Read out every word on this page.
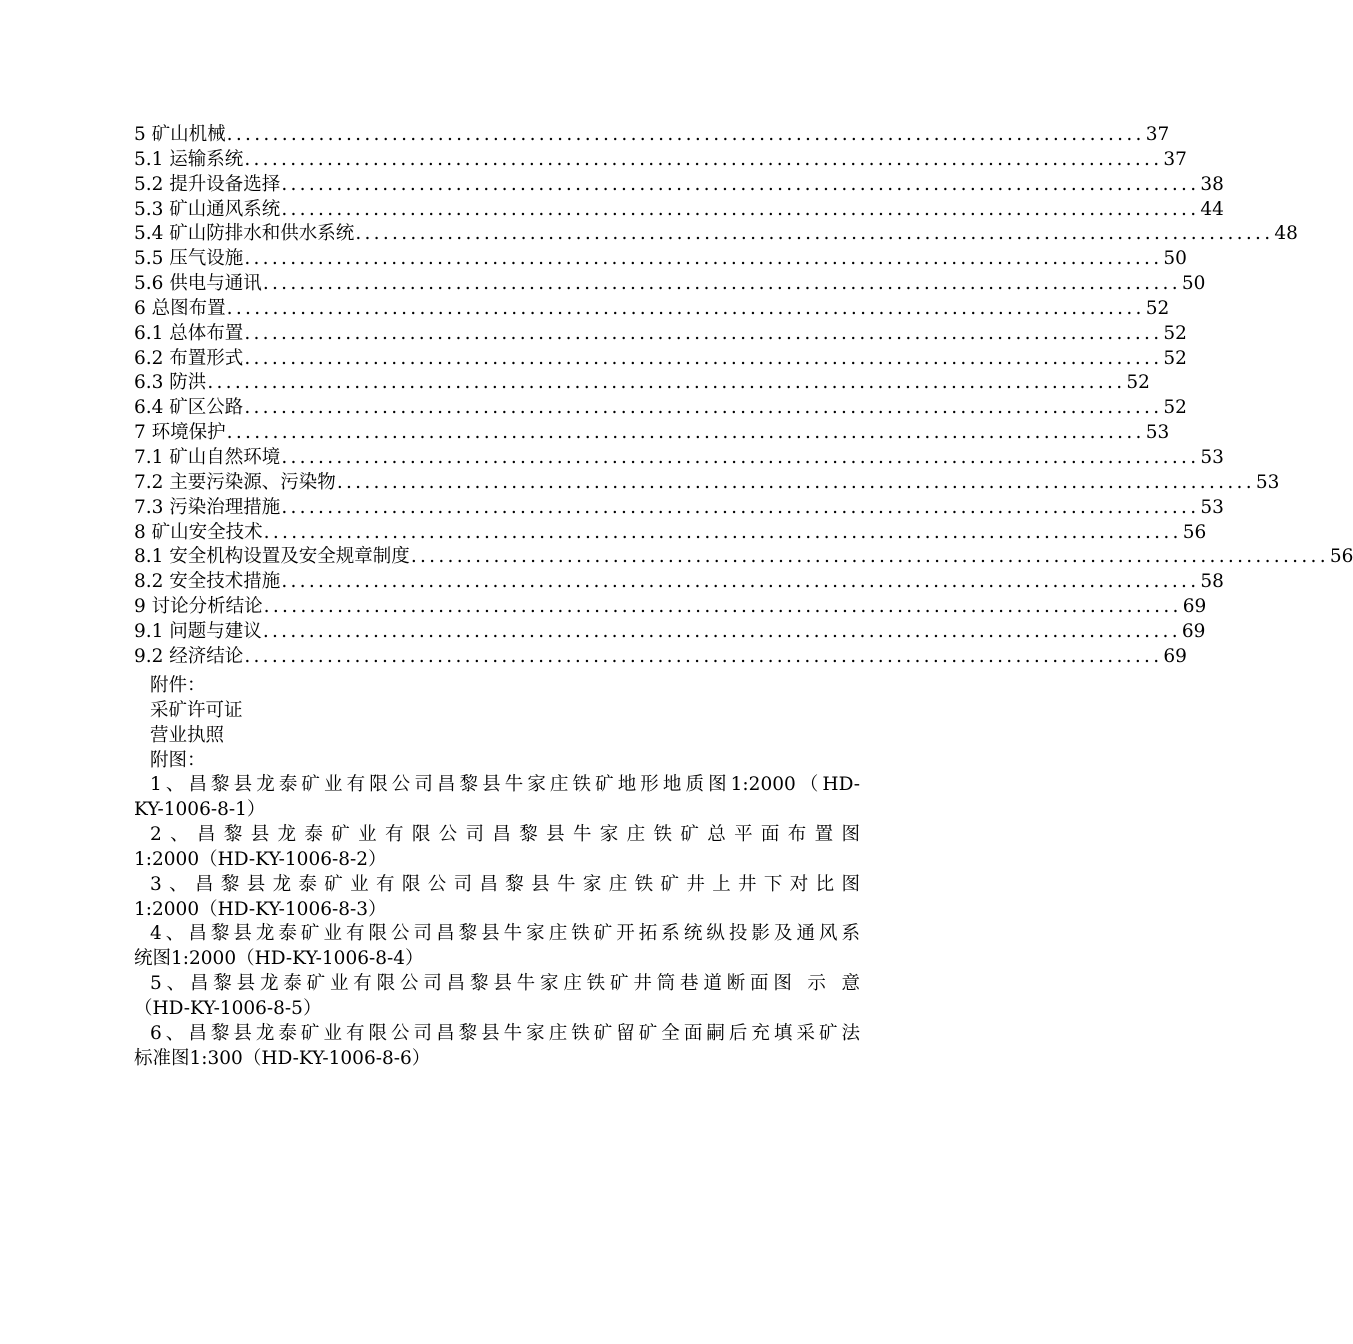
5 矿山机械 .................................................................................................... 37
5.1 运输系统 .................................................................................................... 37
5.2 提升设备选择 .................................................................................................... 38
5.3 矿山通风系统 .................................................................................................... 44
5.4 矿山防排水和供水系统 .................................................................................................... 48
5.5 压气设施 .................................................................................................... 50
5.6 供电与通讯 .................................................................................................... 50
6 总图布置 .................................................................................................... 52
6.1 总体布置 .................................................................................................... 52
6.2 布置形式 .................................................................................................... 52
6.3 防洪 .................................................................................................... 52
6.4 矿区公路 .................................................................................................... 52
7 环境保护 .................................................................................................... 53
7.1 矿山自然环境 .................................................................................................... 53
7.2 主要污染源、污染物 .................................................................................................... 53
7.3 污染治理措施 .................................................................................................... 53
8 矿山安全技术 .................................................................................................... 56
8.1 安全机构设置及安全规章制度 .................................................................................................... 56
8.2 安全技术措施 .................................................................................................... 58
9 讨论分析结论 .................................................................................................... 69
9.1 问题与建议 .................................................................................................... 69
9.2 经济结论 .................................................................................................... 69
附件：
采矿许可证
营业执照
附图：
1、昌黎县龙泰矿业有限公司昌黎县牛家庄铁矿地形地质图1:2000（HD-
KY-1006-8-1）
2、昌黎县龙泰矿业有限公司昌黎县牛家庄铁矿总平面布置图
1:2000（HD-KY-1006-8-2）
3、昌黎县龙泰矿业有限公司昌黎县牛家庄铁矿井上井下对比图
1:2000（HD-KY-1006-8-3）
4、昌黎县龙泰矿业有限公司昌黎县牛家庄铁矿开拓系统纵投影及通风系
统图1:2000（HD-KY-1006-8-4）
5、昌黎县龙泰矿业有限公司昌黎县牛家庄铁矿井筒巷道断面图 示 意
（HD-KY-1006-8-5）
6、昌黎县龙泰矿业有限公司昌黎县牛家庄铁矿留矿全面嗣后充填采矿法
标准图1:300（HD-KY-1006-8-6）
